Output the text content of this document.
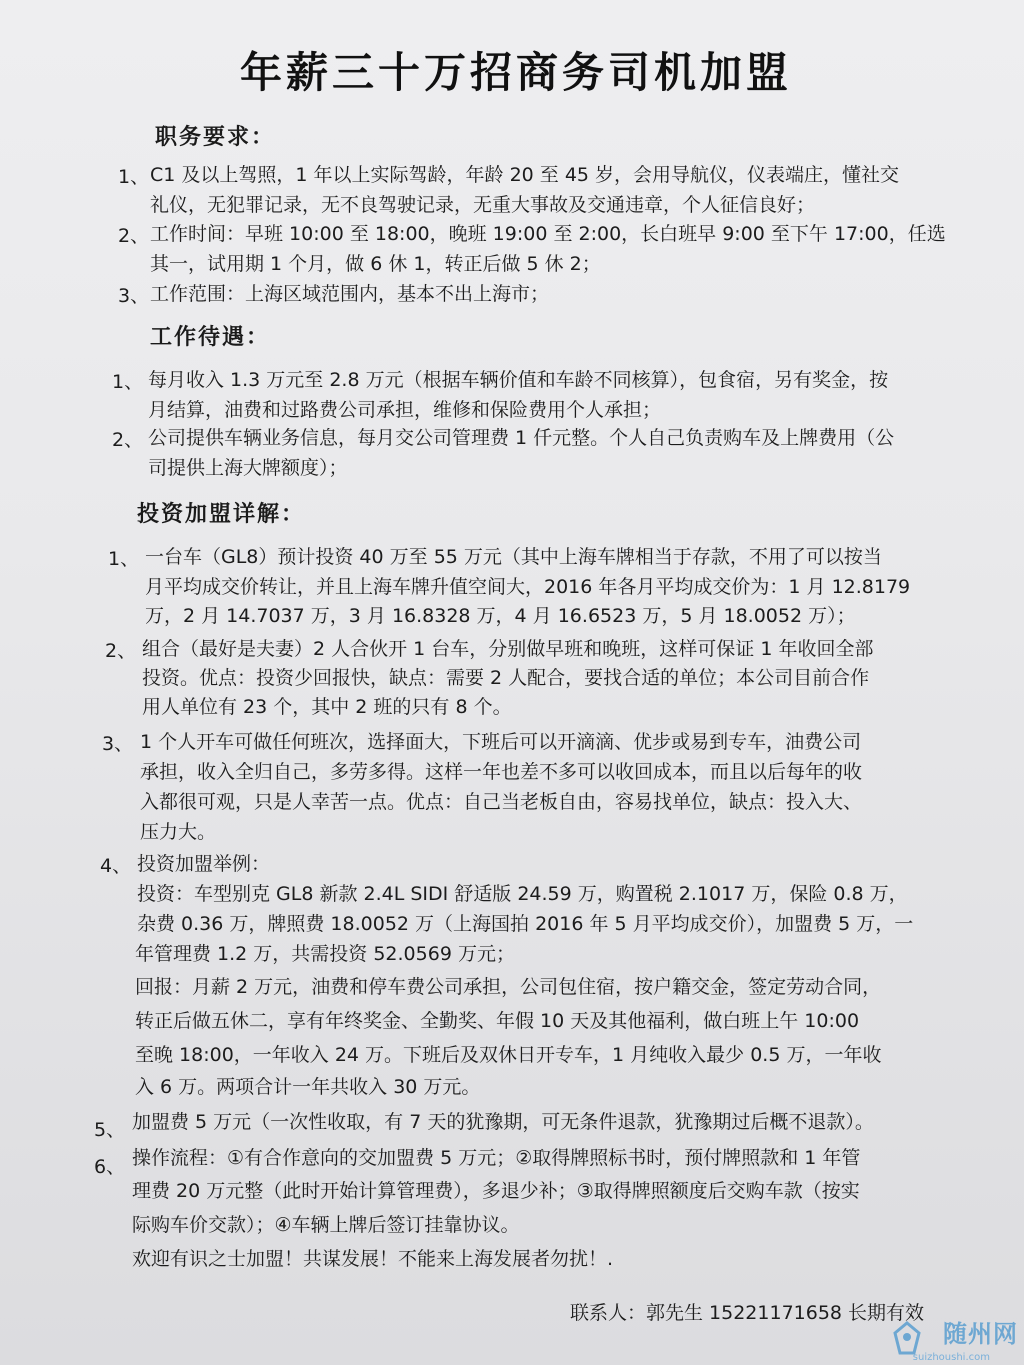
年薪三十万招商务司机加盟
职务要求：
1、 C1 及以上驾照，1 年以上实际驾龄，年龄 20 至 45 岁，会用导航仪，仪表端庄，懂社交
礼仪，无犯罪记录，无不良驾驶记录，无重大事故及交通违章，个人征信良好；
2、 工作时间：早班 10:00 至 18:00，晚班 19:00 至 2:00，长白班早 9:00 至下午 17:00，任选
其一，试用期 1 个月，做 6 休 1，转正后做 5 休 2；
3、 工作范围：上海区域范围内，基本不出上海市；
工作待遇：
1、 每月收入 1.3 万元至 2.8 万元（根据车辆价值和车龄不同核算），包食宿，另有奖金，按
月结算，油费和过路费公司承担，维修和保险费用个人承担；
2、 公司提供车辆业务信息，每月交公司管理费 1 仟元整。个人自己负责购车及上牌费用（公
司提供上海大牌额度）；
投资加盟详解：
1、 一台车（GL8）预计投资 40 万至 55 万元（其中上海车牌相当于存款，不用了可以按当
月平均成交价转让，并且上海车牌升值空间大，2016 年各月平均成交价为：1 月 12.8179
万，2 月 14.7037 万，3 月 16.8328 万，4 月 16.6523 万，5 月 18.0052 万）；
2、 组合（最好是夫妻）2 人合伙开 1 台车，分别做早班和晚班，这样可保证 1 年收回全部
投资。优点：投资少回报快，缺点：需要 2 人配合，要找合适的单位；本公司目前合作
用人单位有 23 个，其中 2 班的只有 8 个。
3、 1 个人开车可做任何班次，选择面大，下班后可以开滴滴、优步或易到专车，油费公司
承担，收入全归自己，多劳多得。这样一年也差不多可以收回成本，而且以后每年的收
入都很可观，只是人幸苦一点。优点：自己当老板自由，容易找单位，缺点：投入大、
压力大。
4、 投资加盟举例：
投资：车型别克 GL8 新款 2.4L SIDI 舒适版 24.59 万，购置税 2.1017 万，保险 0.8 万，
杂费 0.36 万，牌照费 18.0052 万（上海国拍 2016 年 5 月平均成交价），加盟费 5 万，一
年管理费 1.2 万，共需投资 52.0569 万元；
回报：月薪 2 万元，油费和停车费公司承担，公司包住宿，按户籍交金，签定劳动合同，
转正后做五休二，享有年终奖金、全勤奖、年假 10 天及其他福利，做白班上午 10:00
至晚 18:00，一年收入 24 万。下班后及双休日开专车，1 月纯收入最少 0.5 万，一年收
入 6 万。两项合计一年共收入 30 万元。
5、 加盟费 5 万元（一次性收取，有 7 天的犹豫期，可无条件退款，犹豫期过后概不退款）。
6、 操作流程：①有合作意向的交加盟费 5 万元；②取得牌照标书时，预付牌照款和 1 年管
理费 20 万元整（此时开始计算管理费），多退少补；③取得牌照额度后交购车款（按实
际购车价交款）；④车辆上牌后签订挂靠协议。
欢迎有识之士加盟！共谋发展！不能来上海发展者勿扰！.
联系人：郭先生 15221171658 长期有效
随州网
suizhoushi.com
